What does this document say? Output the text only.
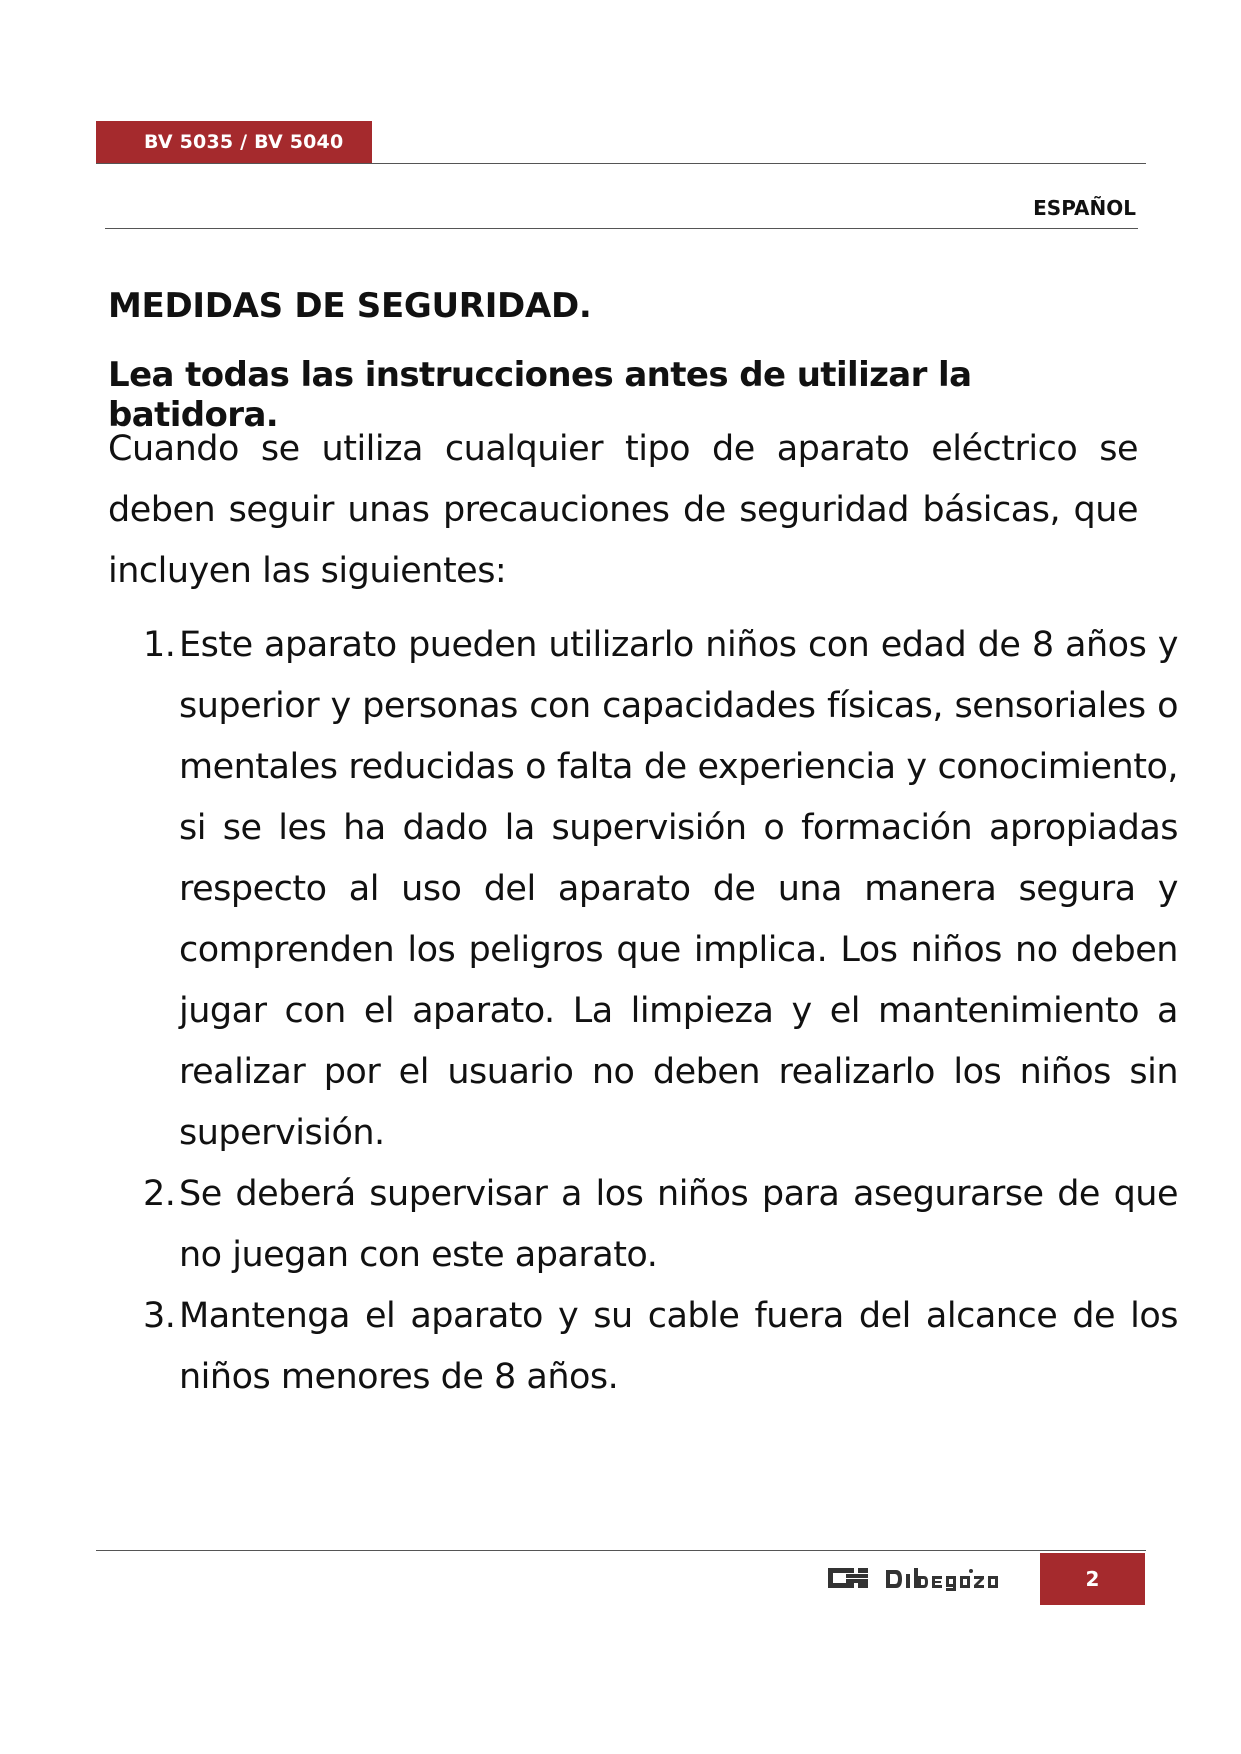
BV 5035 / BV 5040
ESPAÑOL
MEDIDAS DE SEGURIDAD.
Lea todas las instrucciones antes de utilizar la batidora.

Cuando se utiliza cualquier tipo de aparato eléctrico se deben seguir unas precauciones de seguridad básicas, que incluyen las siguientes:

1. Este aparato pueden utilizarlo niños con edad de 8 años y superior y personas con capacidades físicas, sensoriales o mentales reducidas o falta de experiencia y conocimiento, si se les ha dado la supervisión o formación apropiadas respecto al uso del aparato de una manera segura y comprenden los peligros que implica. Los niños no deben jugar con el aparato. La limpieza y el mantenimiento a realizar por el usuario no deben realizarlo los niños sin supervisión.
2. Se deberá supervisar a los niños para asegurarse de que no juegan con este aparato.
3. Mantenga el aparato y su cable fuera del alcance de los niños menores de 8 años.
2
